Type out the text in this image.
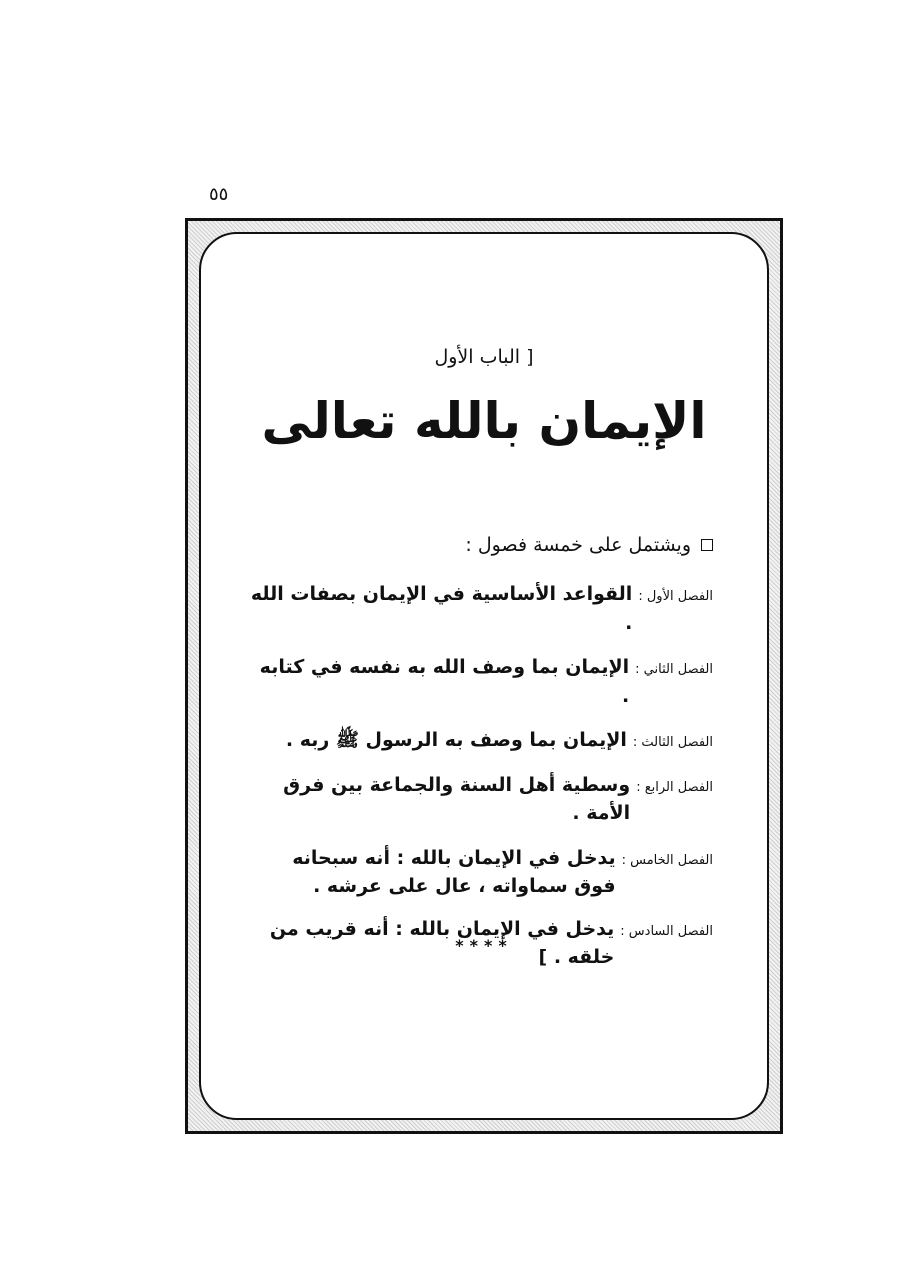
٥٥
[ الباب الأول
الإيمان بالله تعالى
ويشتمل على خمسة فصول :
الفصل الأول :
القواعد الأساسية في الإيمان بصفات الله .
الفصل الثاني :
الإيمان بما وصف الله به نفسه في كتابه .
الفصل الثالث :
الإيمان بما وصف به الرسول ﷺ ربه .
الفصل الرابع :
وسطية أهل السنة والجماعة بين فرق الأمة .
الفصل الخامس :
يدخل في الإيمان بالله : أنه سبحانه فوق سماواته ، عال على عرشه .
الفصل السادس :
يدخل في الإيمان بالله : أنه قريب من خلقه . ]
****
